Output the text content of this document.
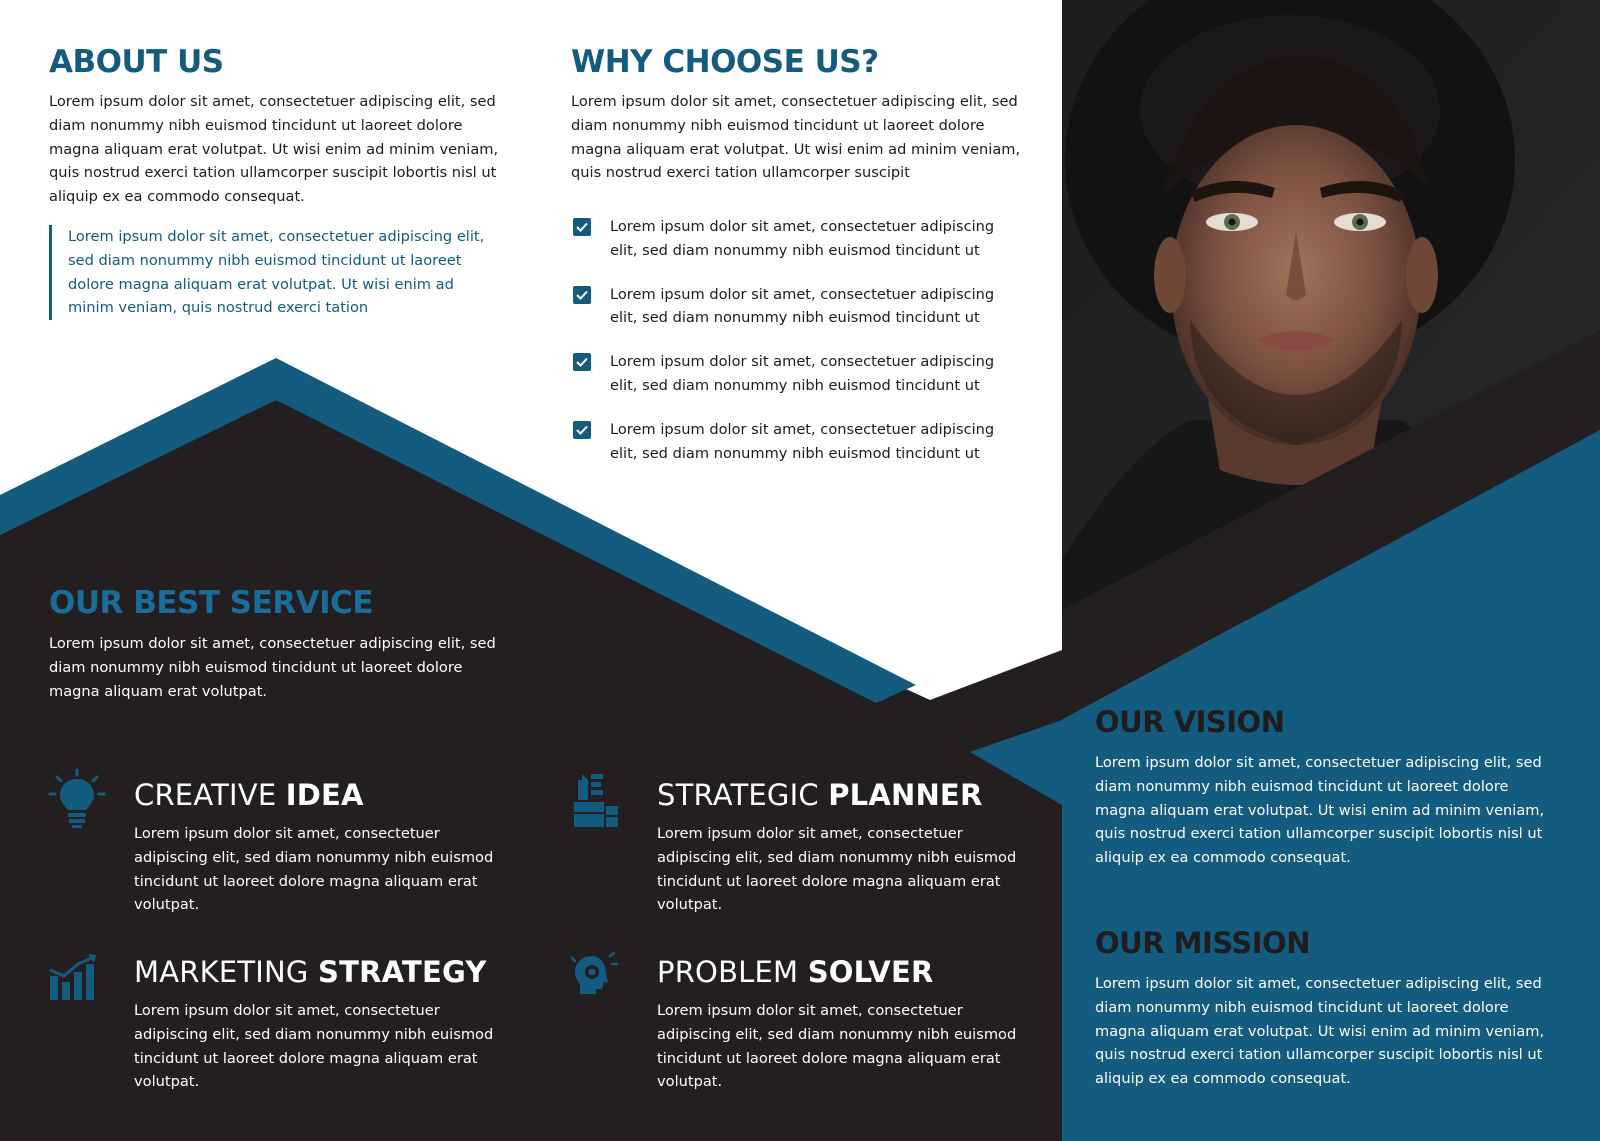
ABOUT US

Lorem ipsum dolor sit amet, consectetuer adipiscing elit, sed diam nonummy nibh euismod tincidunt ut laoreet dolore magna aliquam erat volutpat. Ut wisi enim ad minim veniam, quis nostrud exerci tation ullamcorper suscipit lobortis nisl ut aliquip ex ea commodo consequat.

Lorem ipsum dolor sit amet, consectetuer adipiscing elit, sed diam nonummy nibh euismod tincidunt ut laoreet dolore magna aliquam erat volutpat. Ut wisi enim ad minim veniam, quis nostrud exerci tation

WHY CHOOSE US?

Lorem ipsum dolor sit amet, consectetuer adipiscing elit, sed diam nonummy nibh euismod tincidunt ut laoreet dolore magna aliquam erat volutpat. Ut wisi enim ad minim veniam, quis nostrud exerci tation ullamcorper suscipit

Lorem ipsum dolor sit amet, consectetuer adipiscing elit, sed diam nonummy nibh euismod tincidunt ut
Lorem ipsum dolor sit amet, consectetuer adipiscing elit, sed diam nonummy nibh euismod tincidunt ut
Lorem ipsum dolor sit amet, consectetuer adipiscing elit, sed diam nonummy nibh euismod tincidunt ut
Lorem ipsum dolor sit amet, consectetuer adipiscing elit, sed diam nonummy nibh euismod tincidunt ut
OUR BEST SERVICE

Lorem ipsum dolor sit amet, consectetuer adipiscing elit, sed diam nonummy nibh euismod tincidunt ut laoreet dolore magna aliquam erat volutpat.

CREATIVE IDEA

Lorem ipsum dolor sit amet, consectetuer adipiscing elit, sed diam nonummy nibh euismod tincidunt ut laoreet dolore magna aliquam erat volutpat.

STRATEGIC PLANNER

Lorem ipsum dolor sit amet, consectetuer adipiscing elit, sed diam nonummy nibh euismod tincidunt ut laoreet dolore magna aliquam erat volutpat.

MARKETING STRATEGY

Lorem ipsum dolor sit amet, consectetuer adipiscing elit, sed diam nonummy nibh euismod tincidunt ut laoreet dolore magna aliquam erat volutpat.

PROBLEM SOLVER

Lorem ipsum dolor sit amet, consectetuer adipiscing elit, sed diam nonummy nibh euismod tincidunt ut laoreet dolore magna aliquam erat volutpat.

OUR VISION

Lorem ipsum dolor sit amet, consectetuer adipiscing elit, sed diam nonummy nibh euismod tincidunt ut laoreet dolore magna aliquam erat volutpat. Ut wisi enim ad minim veniam, quis nostrud exerci tation ullamcorper suscipit lobortis nisl ut aliquip ex ea commodo consequat.

OUR MISSION

Lorem ipsum dolor sit amet, consectetuer adipiscing elit, sed diam nonummy nibh euismod tincidunt ut laoreet dolore magna aliquam erat volutpat. Ut wisi enim ad minim veniam, quis nostrud exerci tation ullamcorper suscipit lobortis nisl ut aliquip ex ea commodo consequat.
